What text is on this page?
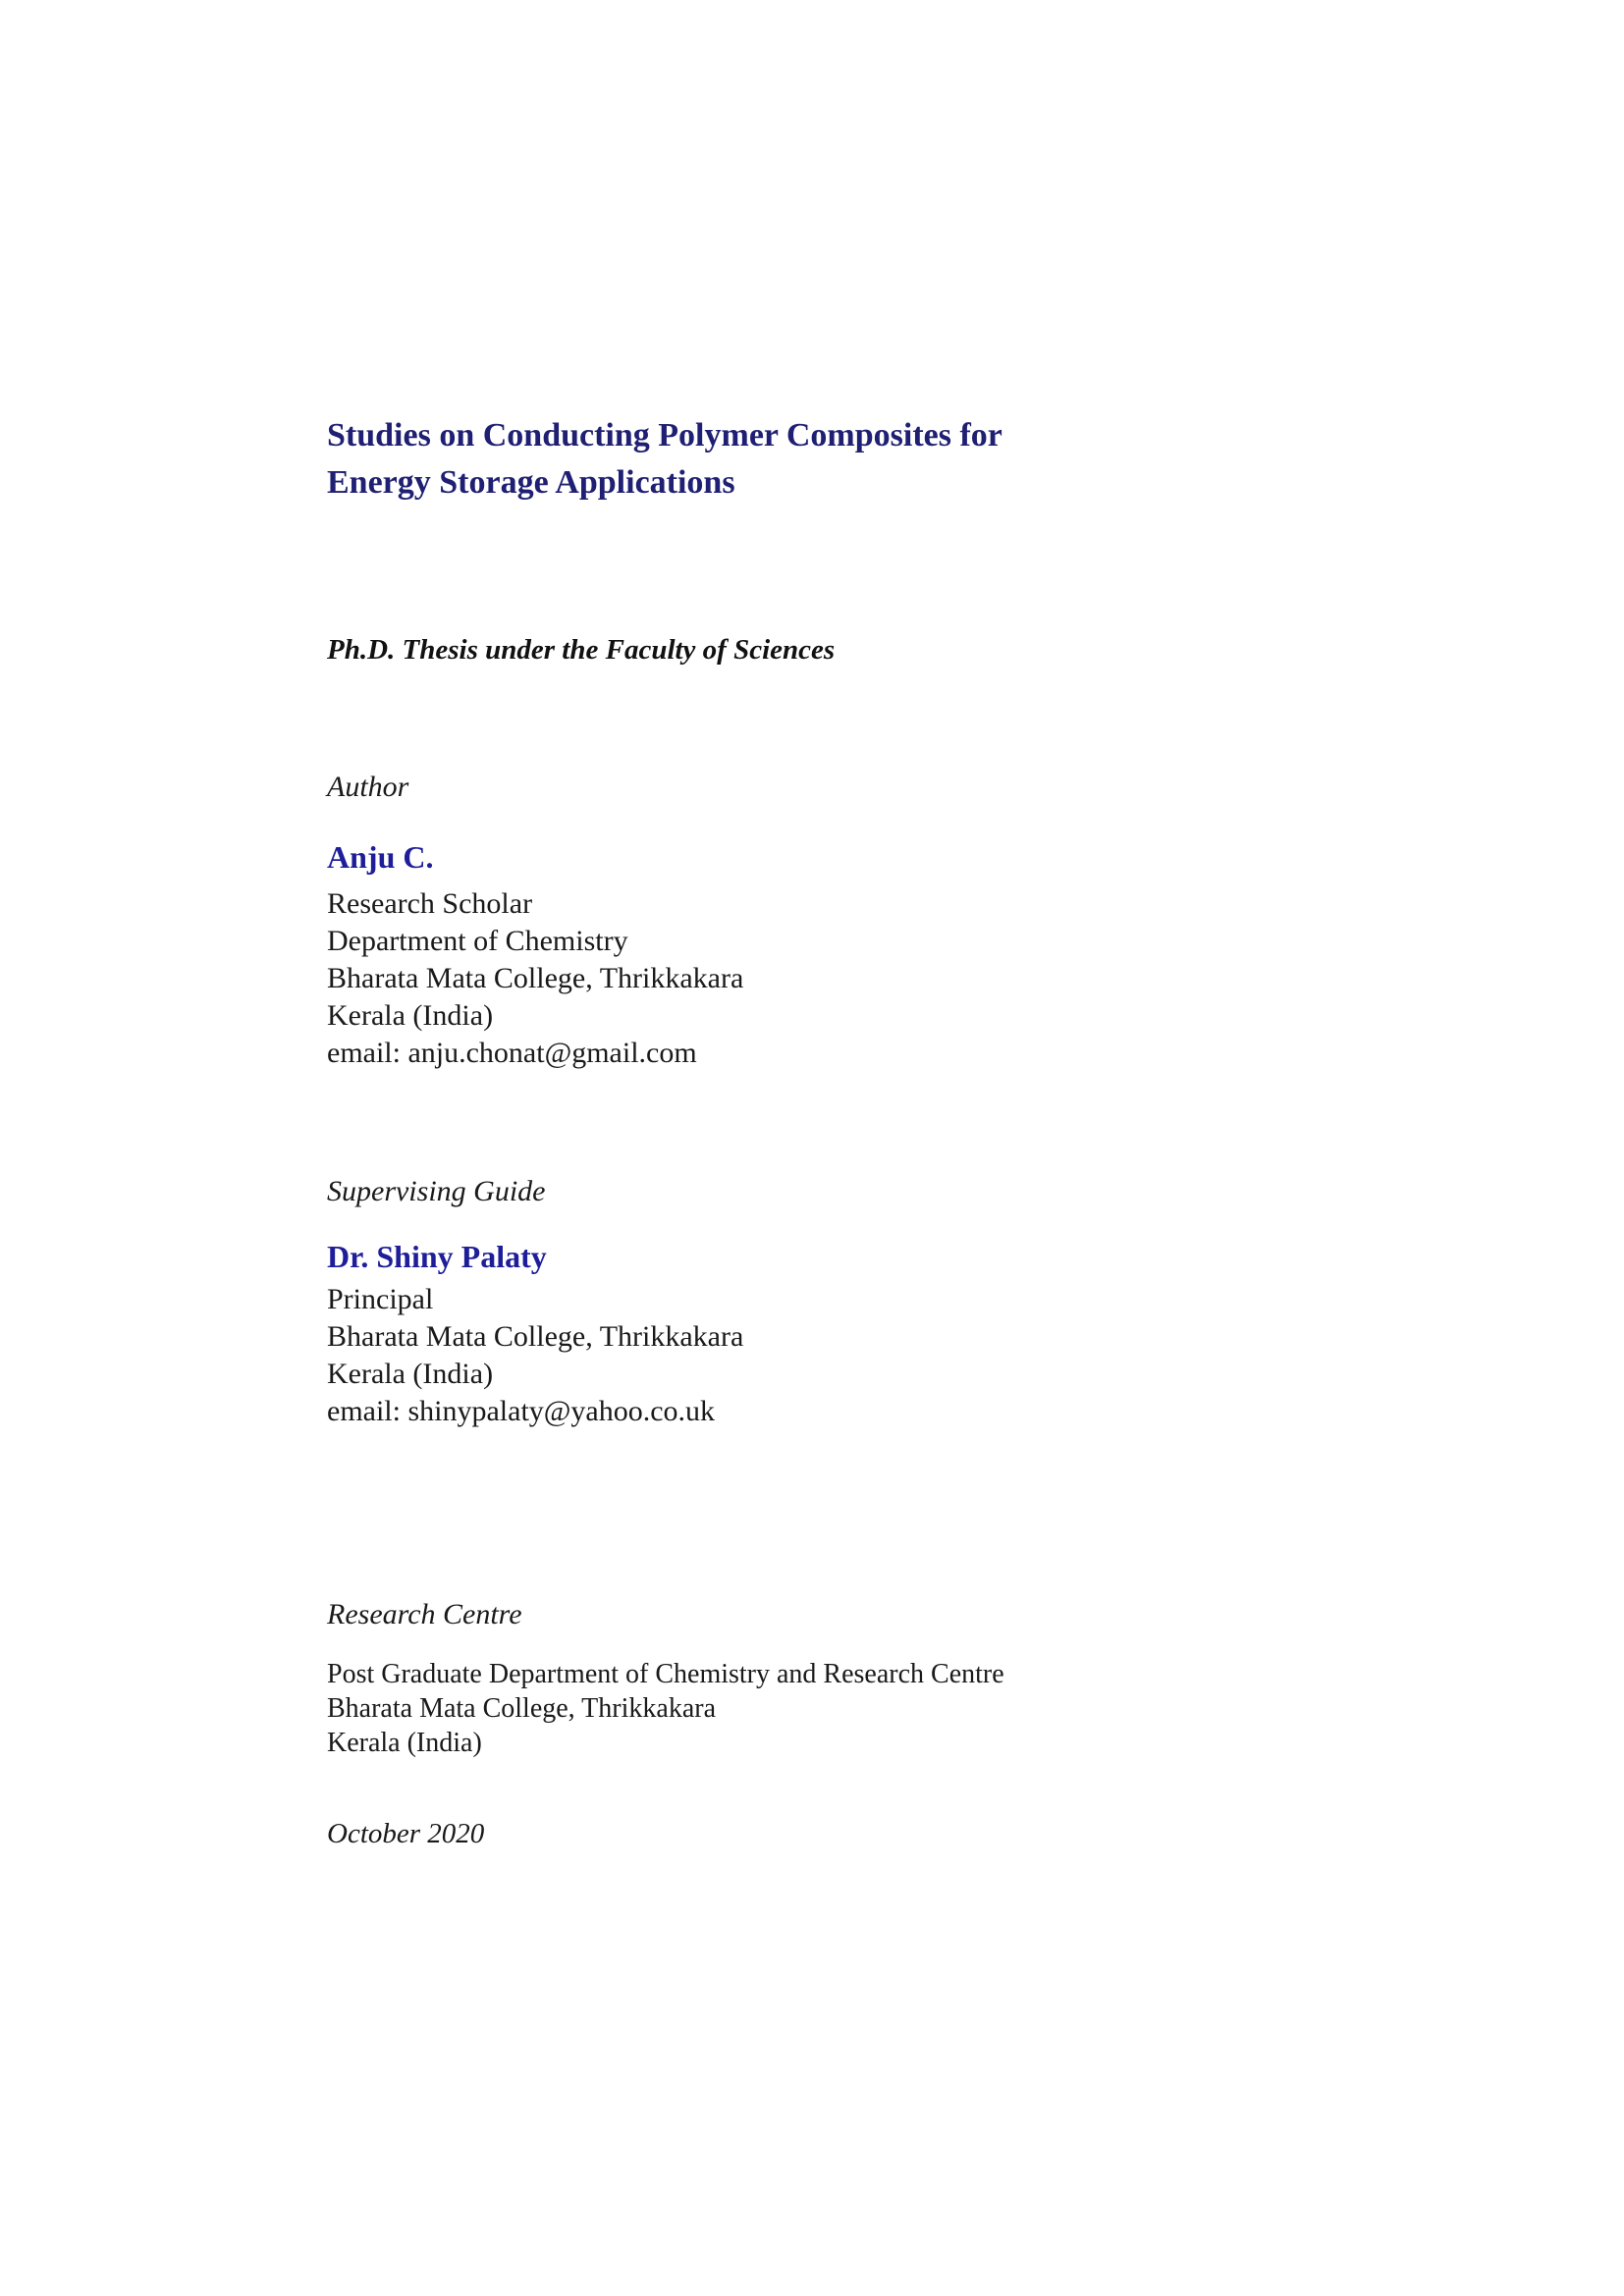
Studies on Conducting Polymer Composites for
Energy Storage Applications

Ph.D. Thesis under the Faculty of Sciences

Author

Anju C.

Research Scholar
Department of Chemistry
Bharata Mata College, Thrikkakara
Kerala (India)
email: anju.chonat@gmail.com

Supervising Guide

Dr. Shiny Palaty

Principal
Bharata Mata College, Thrikkakara
Kerala (India)
email: shinypalaty@yahoo.co.uk

Research Centre

Post Graduate Department of Chemistry and Research Centre
Bharata Mata College, Thrikkakara
Kerala (India)

October 2020
